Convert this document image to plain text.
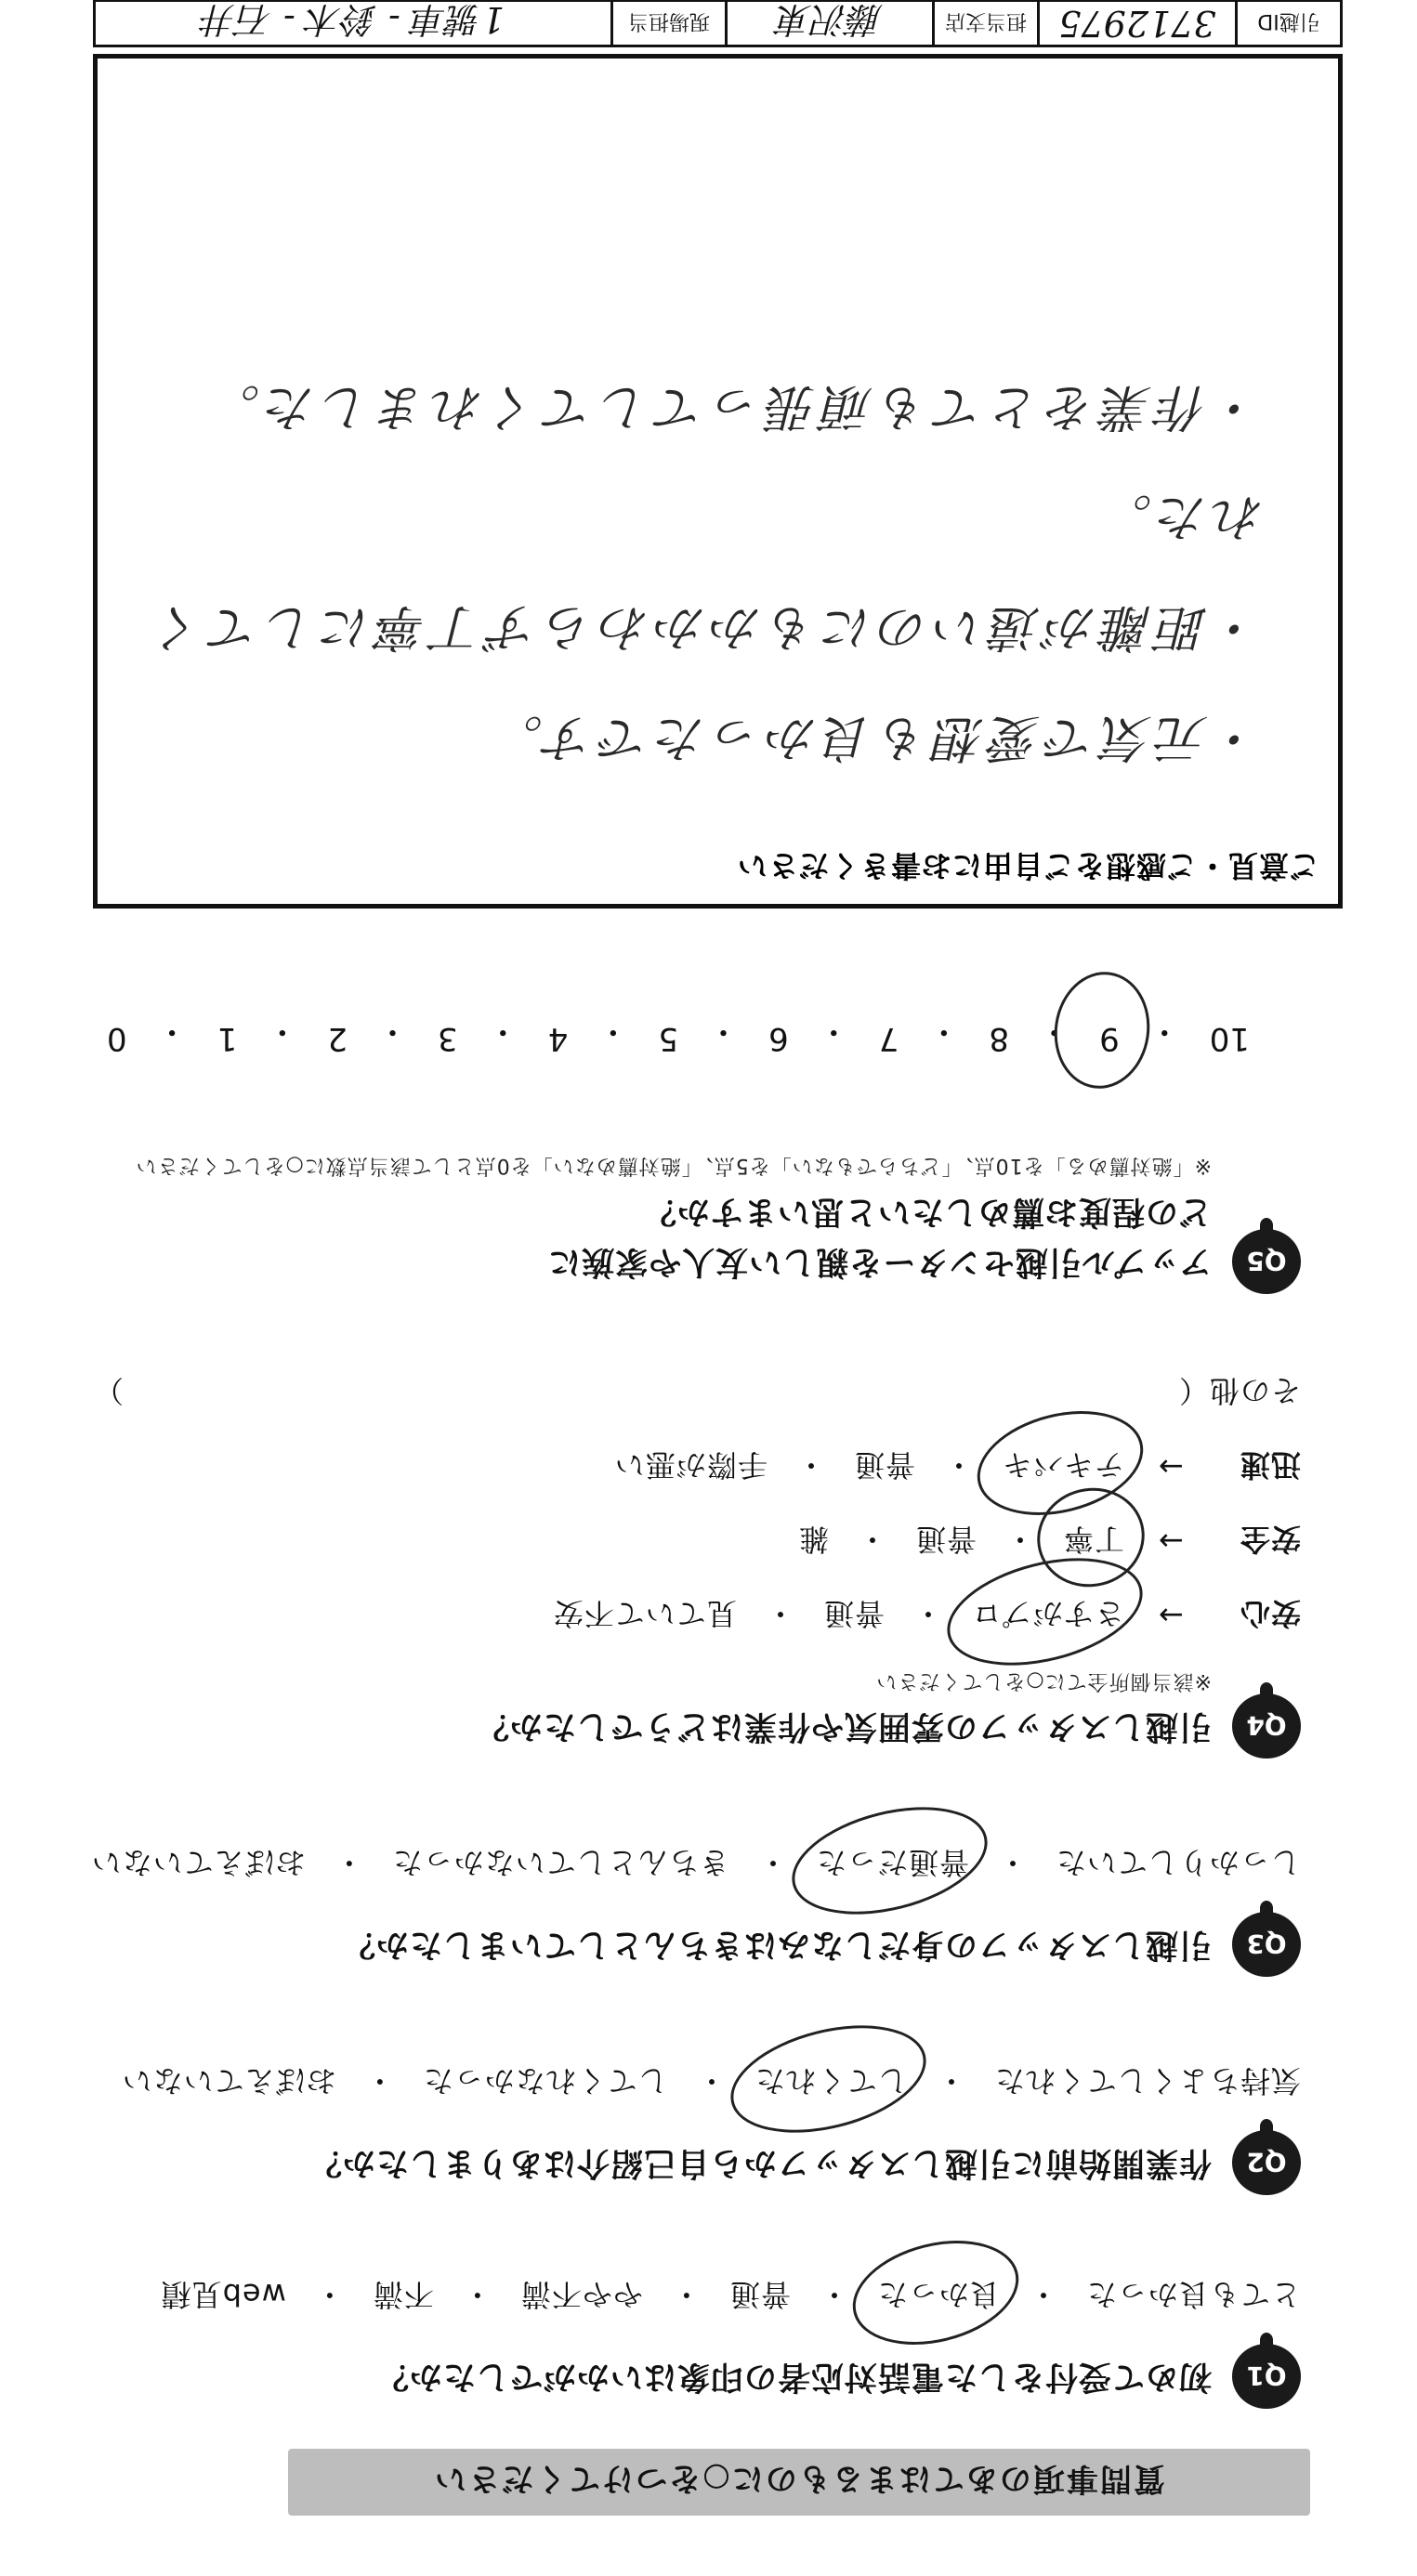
質問事項のあてはまるものに○をつけてください
Q1
初めて受付をした電話対応者の印象はいかがでしたか？
とても良かった
・
良かった
・
普通
・
やや不満
・
不満
・
web見積
Q2
作業開始前に引越しスタッフから自己紹介はありましたか？
気持ちよくしてくれた
・
してくれた
・
してくれなかった
・
おぼえていない
Q3
引越しスタッフの身だしなみはきちんとしていましたか？
しっかりしていた
・
普通だった
・
きちんとしていなかった
・
おぼえていない
Q4
引越しスタッフの雰囲気や作業はどうでしたか？
※該当個所全てに○をしてください
安心
→
さすがプロ
・
普通
・
見ていて不安
安全
→
丁寧
・
普通
・
雑
迅速
→
テキパキ
・
普通
・
手際が悪い
その他（
）
Q5
アップル引越センターを親しい友人や家族に
どの程度お薦めしたいと思いますか？
※「絶対薦める」を10点、「どちらでもない」を5点、「絶対薦めない」を0点として該当点数に○をしてください
10
・
9
・
8
・
7
・
6
・
5
・
4
・
3
・
2
・
1
・
0
ご意見・ご感想をご自由にお書きください
・元気で愛想も良かったです。
・距離が遠いのにもかかわらず丁寧にしてくれた。
・作業をとても頑張ってしてくれました。
引越ID
3712975
担当支店
藤沢東
現場担当
1號車 - 鈴木 - 石井
